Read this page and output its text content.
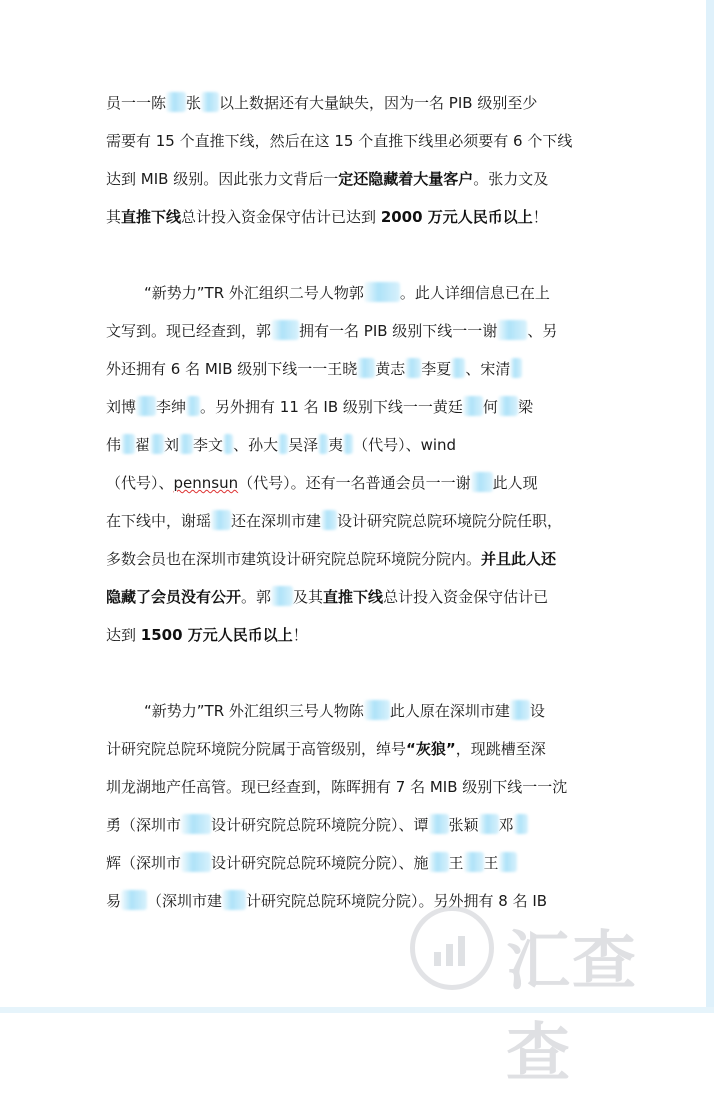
员一一陈 张 以上数据还有大量缺失，因为一名 PIB 级别至少
需要有 15 个直推下线，然后在这 15 个直推下线里必须要有 6 个下线
达到 MIB 级别。因此张力文背后一定还隐藏着大量客户。张力文及
其直推下线总计投入资金保守估计已达到 2000 万元人民币以上！
“新势力”TR 外汇组织二号人物郭 。此人详细信息已在上
文写到。现已经查到，郭 拥有一名 PIB 级别下线一一谢 、另
外还拥有 6 名 MIB 级别下线一一王晓 黄志 李夏 、宋清
刘博 李绅 。另外拥有 11 名 IB 级别下线一一黄廷 何 梁
伟 翟 刘 李文 、孙大 吴泽 夷 （代号）、wind
（代号）、pennsun（代号）。还有一名普通会员一一谢 此人现
在下线中，谢瑶 还在深圳市建 设计研究院总院环境院分院任职，
多数会员也在深圳市建筑设计研究院总院环境院分院内。并且此人还
隐藏了会员没有公开。郭 及其直推下线总计投入资金保守估计已
达到 1500 万元人民币以上！
“新势力”TR 外汇组织三号人物陈 此人原在深圳市建 设
计研究院总院环境院分院属于高管级别，绰号“灰狼”，现跳槽至深
圳龙湖地产任高管。现已经查到，陈晖拥有 7 名 MIB 级别下线一一沈
勇（深圳市 设计研究院总院环境院分院）、谭 张颖 邓
辉（深圳市 设计研究院总院环境院分院）、施 王 王
易 （深圳市建 计研究院总院环境院分院）。另外拥有 8 名 IB
汇查查
